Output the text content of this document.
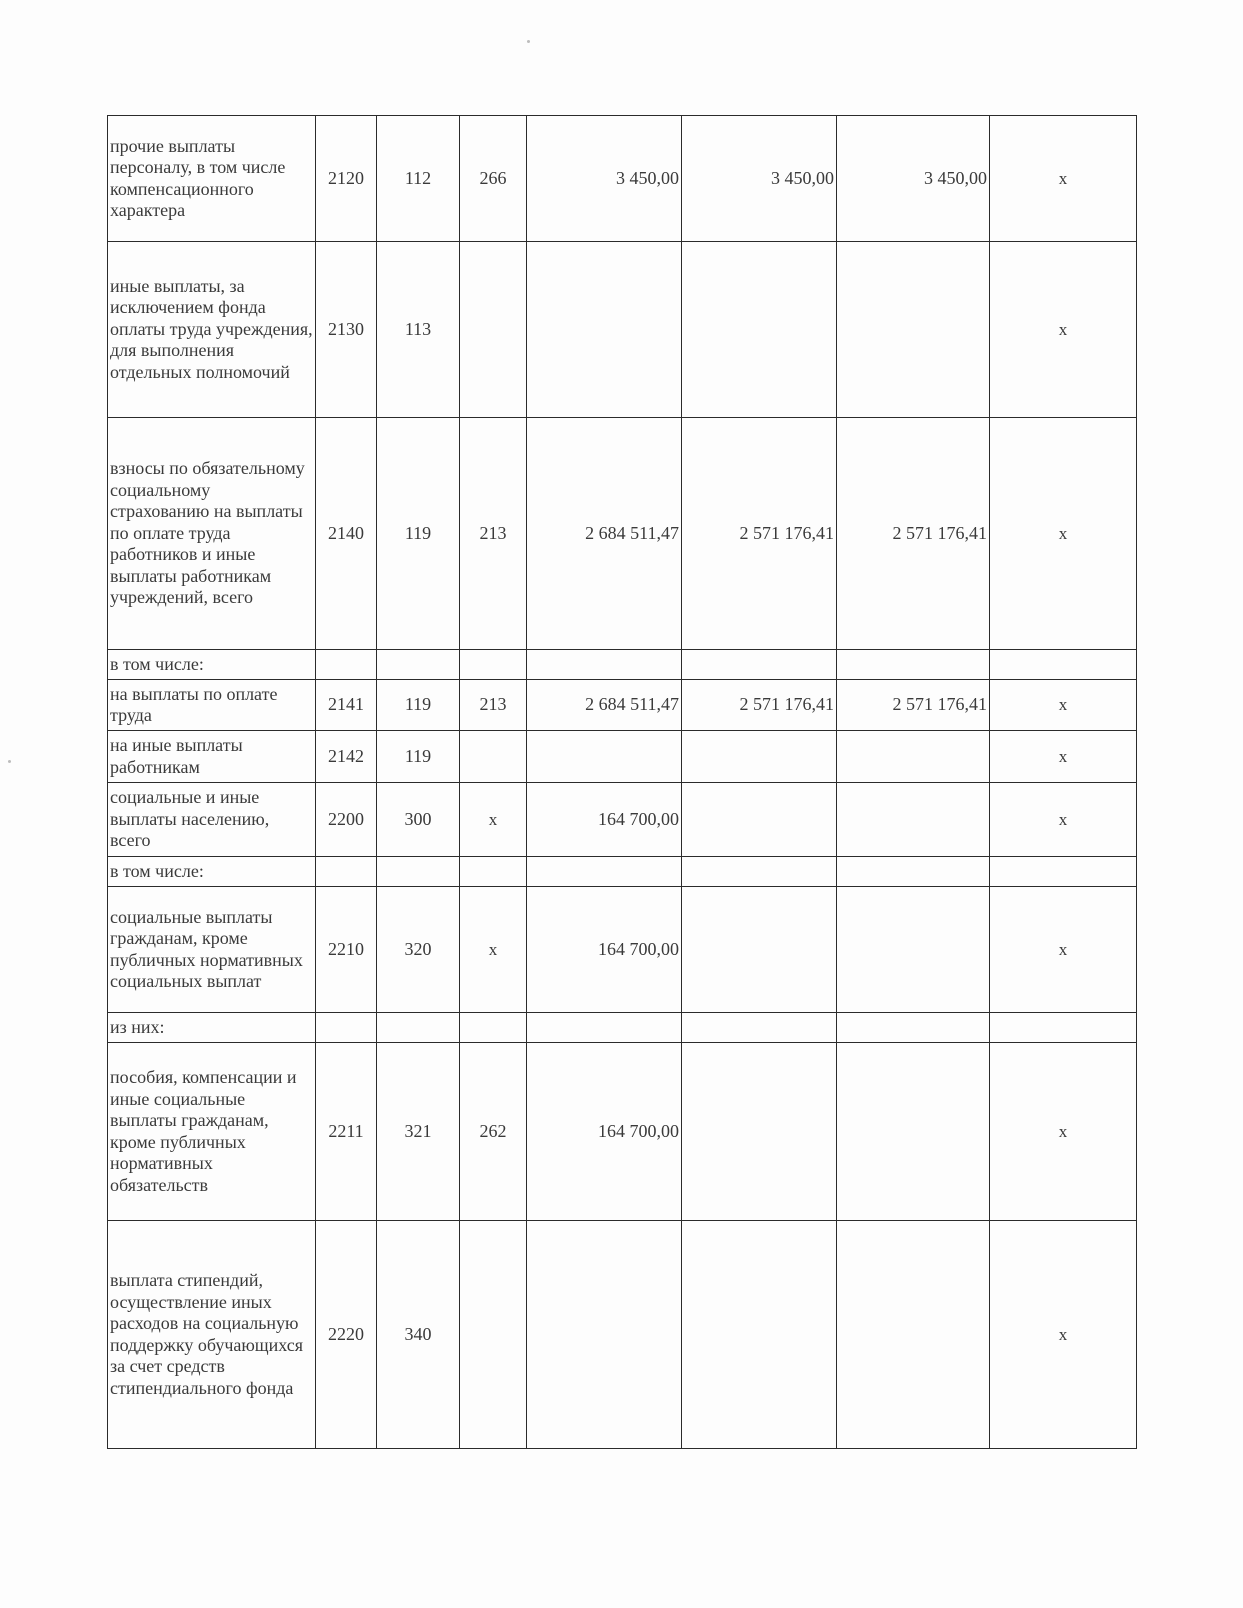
прочие выплаты персоналу, в том числе компенсационного характера	2120	112	266	3 450,00	3 450,00	3 450,00	x
иные выплаты, за исключением фонда оплаты труда учреждения, для выполнения отдельных полномочий	2130	113					x
взносы по обязательному социальному страхованию на выплаты по оплате труда работников и иные выплаты работникам учреждений, всего	2140	119	213	2 684 511,47	2 571 176,41	2 571 176,41	x
в том числе:							
на выплаты по оплате труда	2141	119	213	2 684 511,47	2 571 176,41	2 571 176,41	x
на иные выплаты работникам	2142	119					x
социальные и иные выплаты населению, всего	2200	300	x	164 700,00			x
в том числе:							
социальные выплаты гражданам, кроме публичных нормативных социальных выплат	2210	320	x	164 700,00			x
из них:							
пособия, компенсации и иные социальные выплаты гражданам, кроме публичных нормативных обязательств	2211	321	262	164 700,00			x
выплата стипендий, осуществление иных расходов на социальную поддержку обучающихся за счет средств стипендиального фонда	2220	340					x
